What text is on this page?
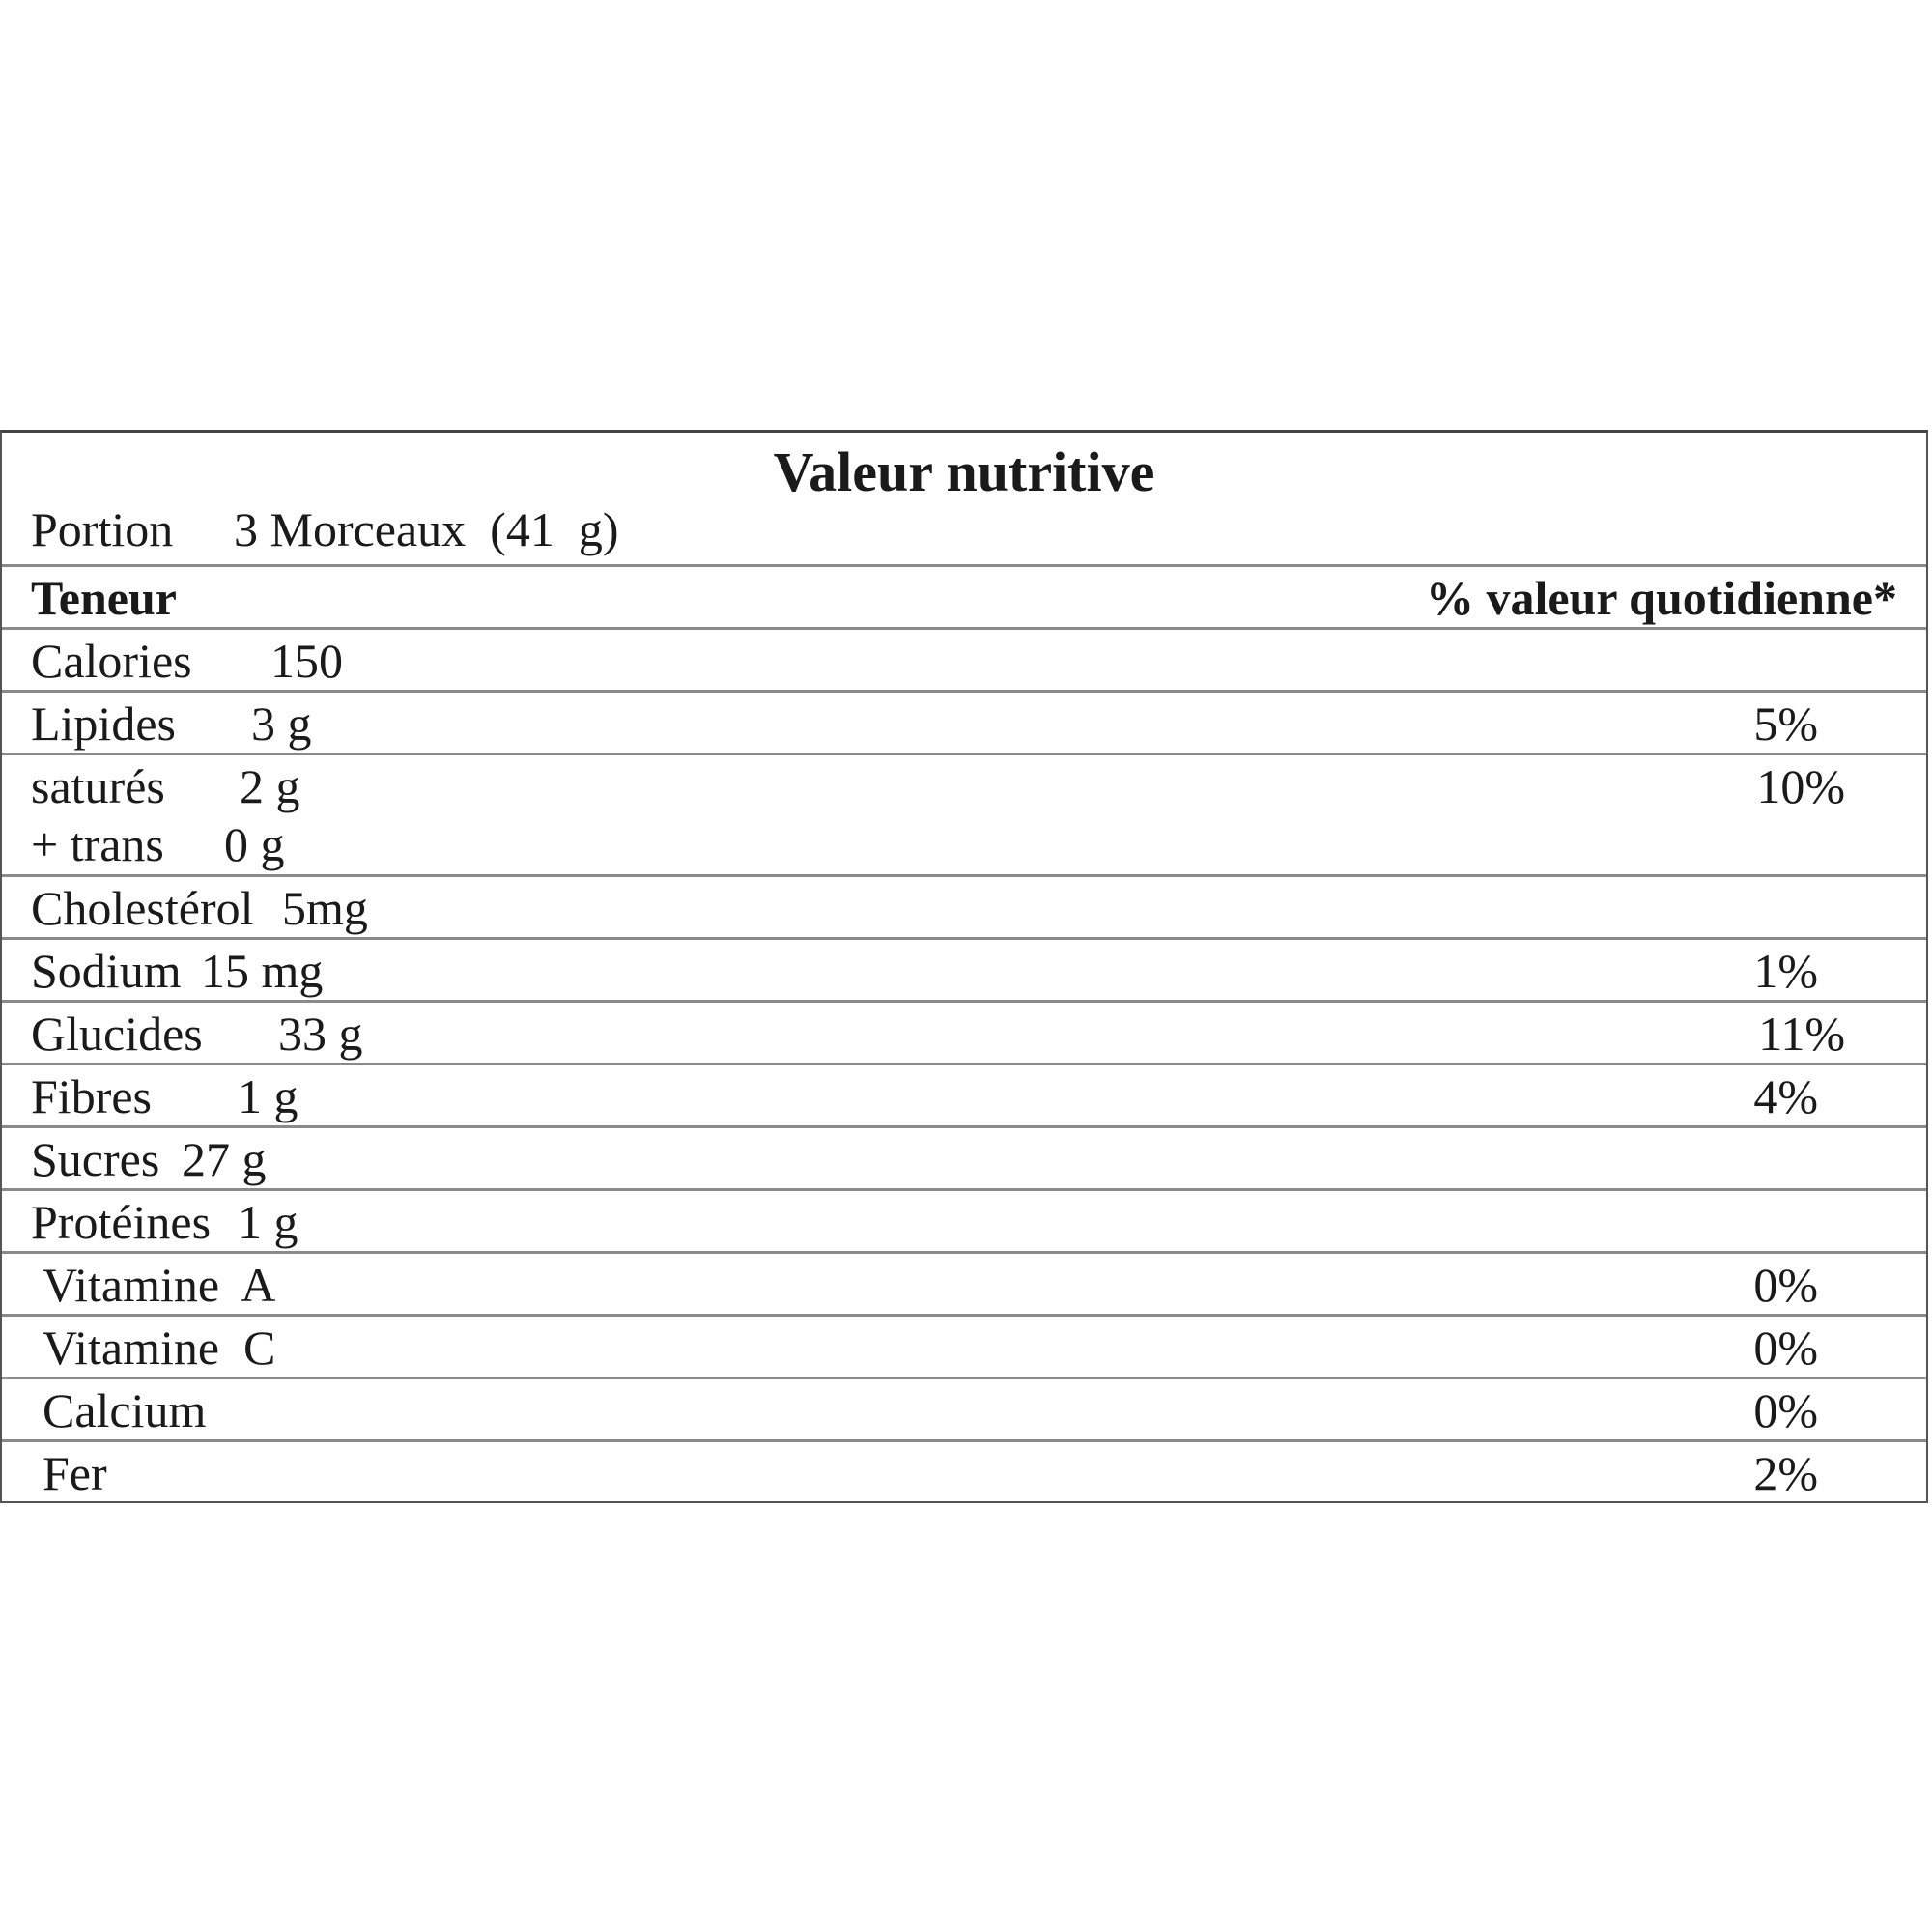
Valeur nutritive
Portion 3 Morceaux  (41  g)
Teneur	% valeur quotidienne*
Calories 150
Lipides 3 g	5%
saturés 2 g	10%
+ trans 0 g
Cholestérol 5mg
Sodium 15 mg	1%
Glucides 33 g	11%
Fibres 1 g	4%
Sucres 27 g
Protéines 1 g
Vitamine  A	0%
Vitamine  C	0%
Calcium	0%
Fer	2%
